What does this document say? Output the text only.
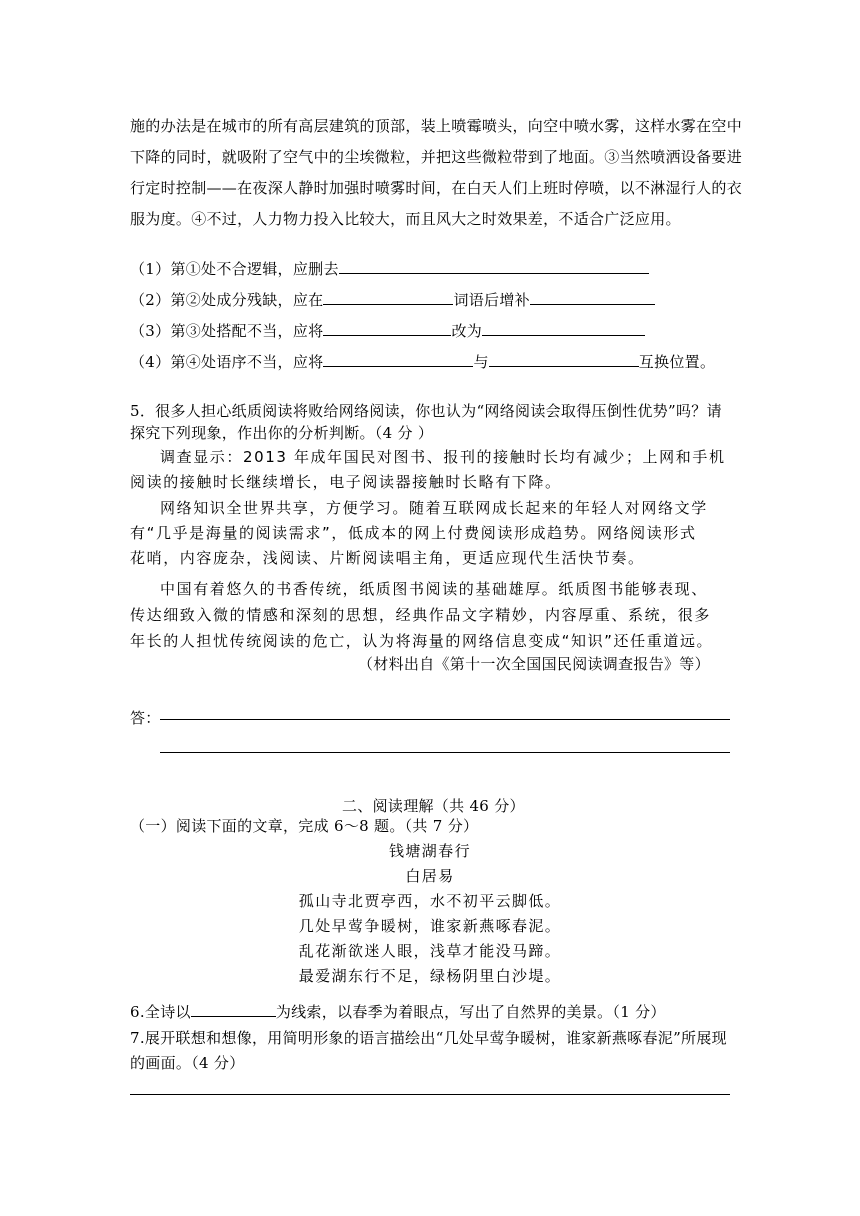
施的办法是在城市的所有高层建筑的顶部，装上喷霉喷头，向空中喷水雾，这样水雾在空中
下降的同时，就吸附了空气中的尘埃微粒，并把这些微粒带到了地面。③当然喷洒设备要进
行定时控制——在夜深人静时加强时喷雾时间，在白天人们上班时停喷，以不淋湿行人的衣
服为度。④不过，人力物力投入比较大，而且风大之时效果差，不适合广泛应用。
（1）第①处不合逻辑，应删去
（2）第②处成分残缺，应在	词语后增补
（3）第③处搭配不当，应将	改为
（4）第④处语序不当，应将	与	互换位置。
5．很多人担心纸质阅读将败给网络阅读，你也认为“网络阅读会取得压倒性优势”吗？请
探究下列现象，作出你的分析判断。（4 分 ）
调查显示：2013 年成年国民对图书、报刊的接触时长均有减少；上网和手机
阅读的接触时长继续增长，电子阅读器接触时长略有下降。
网络知识全世界共享，方便学习。随着互联网成长起来的年轻人对网络文学
有“几乎是海量的阅读需求”，低成本的网上付费阅读形成趋势。网络阅读形式
花哨，内容庞杂，浅阅读、片断阅读唱主角，更适应现代生活快节奏。
中国有着悠久的书香传统，纸质图书阅读的基础雄厚。纸质图书能够表现、
传达细致入微的情感和深刻的思想，经典作品文字精妙，内容厚重、系统，很多
年长的人担忧传统阅读的危亡，认为将海量的网络信息变成“知识”还任重道远。
（材料出自《第十一次全国国民阅读调查报告》等）
答：
二、阅读理解（共 46 分）
（一）阅读下面的文章，完成 6～8 题。（共 7 分）
钱塘湖春行
白居易
孤山寺北贾亭西，水不初平云脚低。
几处早莺争暖树，谁家新燕啄春泥。
乱花渐欲迷人眼，浅草才能没马蹄。
最爱湖东行不足，绿杨阴里白沙堤。
6.全诗以	为线索，以春季为着眼点，写出了自然界的美景。（1 分）
7.展开联想和想像，用简明形象的语言描绘出“几处早莺争暖树，谁家新燕啄春泥”所展现
的画面。（4 分）
